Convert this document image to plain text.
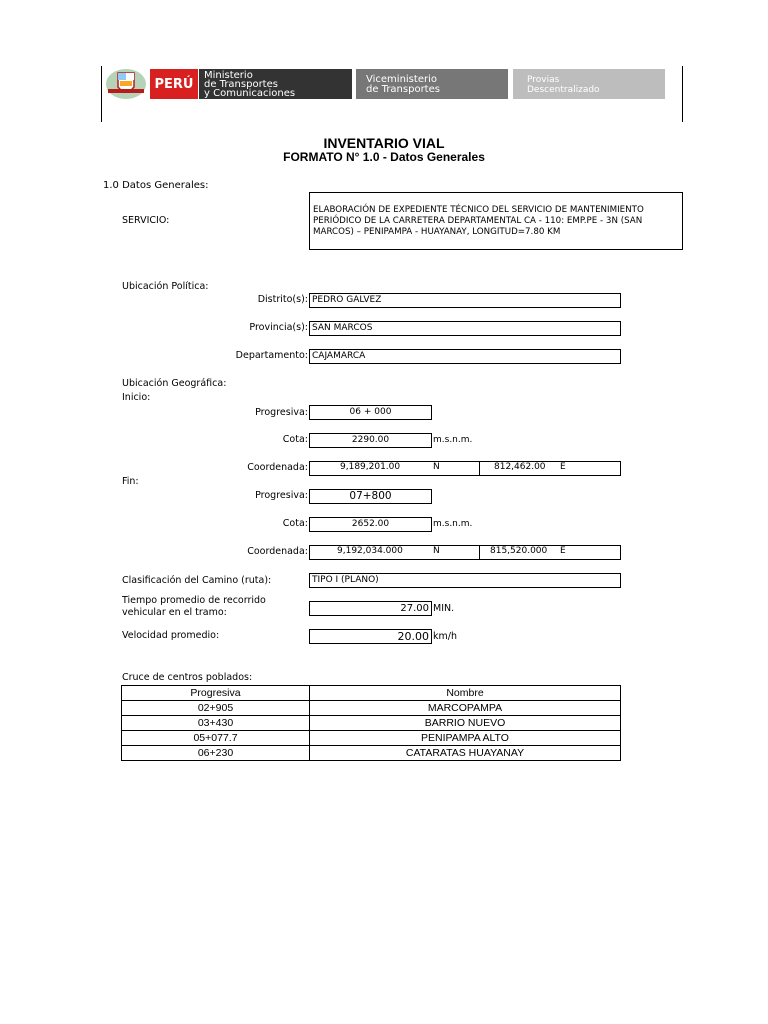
PERÚ
Ministerio
de Transportes
y Comunicaciones
Viceministerio
de Transportes
Provias
Descentralizado
INVENTARIO VIAL
FORMATO N° 1.0 - Datos Generales
1.0 Datos Generales:
SERVICIO:
ELABORACIÓN DE EXPEDIENTE TÉCNICO DEL SERVICIO DE MANTENIMIENTO PERIÓDICO DE LA CARRETERA DEPARTAMENTAL CA - 110: EMP.PE - 3N (SAN MARCOS) – PENIPAMPA - HUAYANAY, LONGITUD=7.80 KM
Ubicación Política:
Distrito(s): PEDRO GALVEZ
Provincia(s): SAN MARCOS
Departamento: CAJAMARCA
Ubicación Geográfica:
Inicio:
Progresiva:	06 + 000
Cota:	2290.00	m.s.n.m.
Coordenada:	9,189,201.00	N	812,462.00 E
Fin:
Progresiva:	07+800
Cota:	2652.00	m.s.n.m.
Coordenada:	9,192,034.000	N	815,520.000 E
Clasificación del Camino (ruta):	TIPO I (PLANO)
Tiempo promedio de recorrido
vehicular en el tramo:	27.00 MIN.
Velocidad promedio:	20.00 km/h
Cruce de centros poblados:
Progresiva	Nombre
02+905	MARCOPAMPA
03+430	BARRIO NUEVO
05+077.7	PENIPAMPA ALTO
06+230	CATARATAS HUAYANAY
